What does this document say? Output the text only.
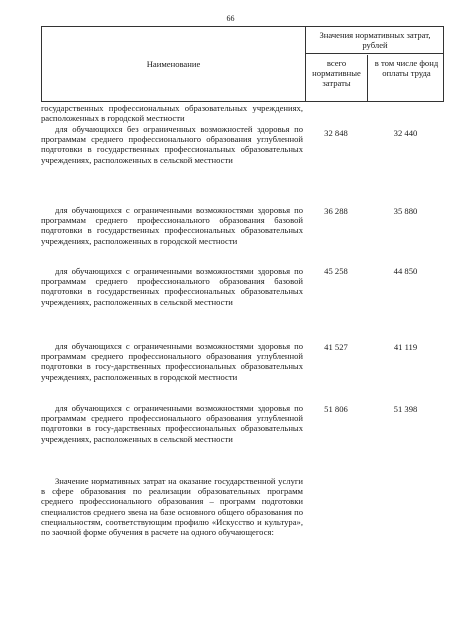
66
Наименование
Значения нормативных затрат, рублей
всего нормативные затраты
в том числе фонд оплаты труда
государственных профессиональных образовательных учреждениях, расположенных в городской местности
для обучающихся без ограниченных возможностей здоровья по программам среднего профессионального образования углубленной подготовки в государственных профессиональных образовательных учреждениях, расположенных в сельской местности
32 848	32 440
для обучающихся с ограниченными возможностями здоровья по программам среднего профессионального образования базовой подготовки в государственных профессиональных образовательных учреждениях, расположенных в городской местности
36 288	35 880
для обучающихся с ограниченными возможностями здоровья по программам среднего профессионального образования базовой подготовки в государственных профессиональных образовательных учреждениях, расположенных в сельской местности
45 258	44 850
для обучающихся с ограниченными возможностями здоровья по программам среднего профессионального образования углубленной подготовки в госу-дарственных профессиональных образовательных учреждениях, расположенных в городской местности
41 527	41 119
для обучающихся с ограниченными возможностями здоровья по программам среднего профессионального образования углубленной подготовки в госу-дарственных профессиональных образовательных учреждениях, расположенных в сельской местности
51 806	51 398
Значение нормативных затрат на оказание государственной услуги в сфере образования по реализации образовательных программ среднего профессионального образования – программ подготовки специалистов среднего звена на базе основного общего образования по специальностям, соответствующим профилю «Искусство и культура», по заочной форме обучения в расчете на одного обучающегося:
